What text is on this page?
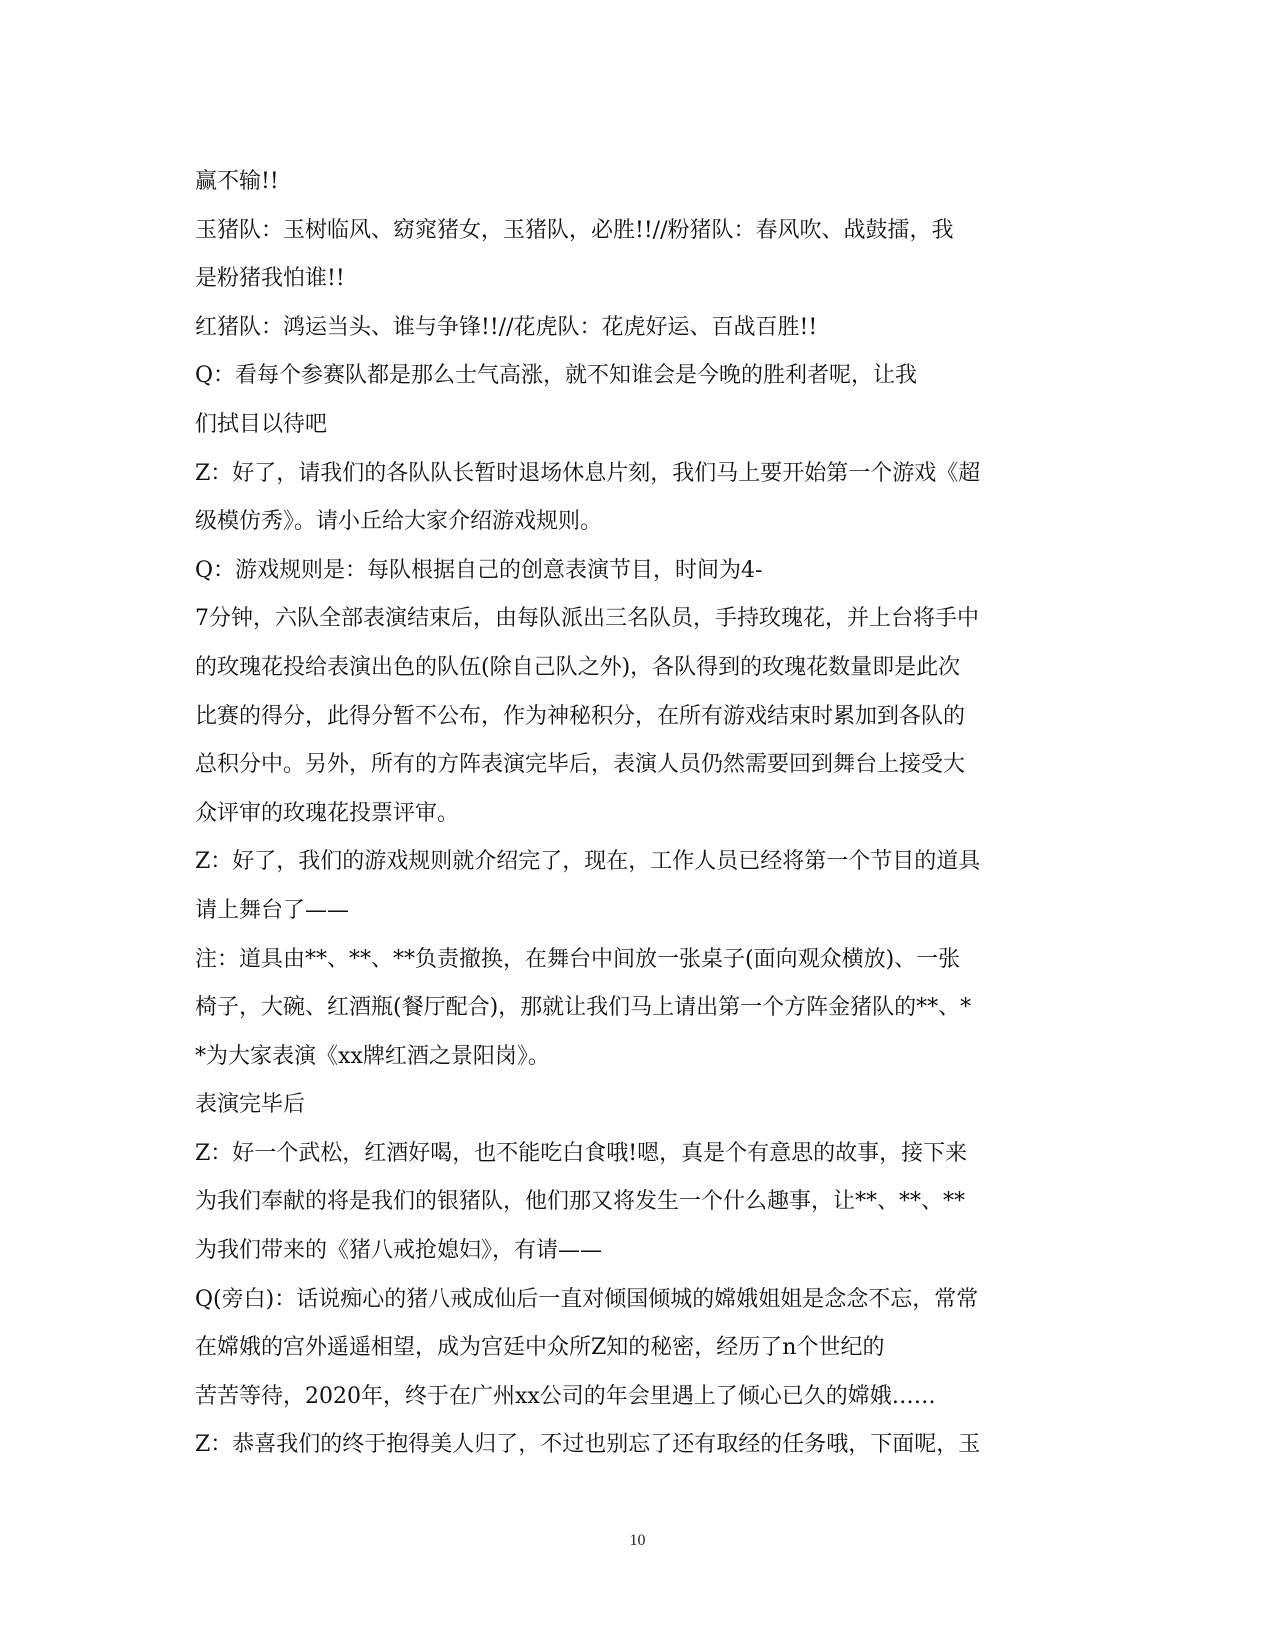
赢不输!!
玉猪队：玉树临风、窈窕猪女，玉猪队，必胜!!//粉猪队：春风吹、战鼓擂，我
是粉猪我怕谁!!
红猪队：鸿运当头、谁与争锋!!//花虎队：花虎好运、百战百胜!!
Q：看每个参赛队都是那么士气高涨，就不知谁会是今晚的胜利者呢，让我
们拭目以待吧
Z：好了，请我们的各队队长暂时退场休息片刻，我们马上要开始第一个游戏《超
级模仿秀》。请小丘给大家介绍游戏规则。
Q：游戏规则是：每队根据自己的创意表演节目，时间为4-
7分钟，六队全部表演结束后，由每队派出三名队员，手持玫瑰花，并上台将手中
的玫瑰花投给表演出色的队伍(除自己队之外)，各队得到的玫瑰花数量即是此次
比赛的得分，此得分暂不公布，作为神秘积分，在所有游戏结束时累加到各队的
总积分中。另外，所有的方阵表演完毕后，表演人员仍然需要回到舞台上接受大
众评审的玫瑰花投票评审。
Z：好了，我们的游戏规则就介绍完了，现在，工作人员已经将第一个节目的道具
请上舞台了——
注：道具由**、**、**负责撤换，在舞台中间放一张桌子(面向观众横放)、一张
椅子，大碗、红酒瓶(餐厅配合)，那就让我们马上请出第一个方阵金猪队的**、*
*为大家表演《xx牌红酒之景阳岗》。
表演完毕后
Z：好一个武松，红酒好喝，也不能吃白食哦!嗯，真是个有意思的故事，接下来
为我们奉献的将是我们的银猪队，他们那又将发生一个什么趣事，让**、**、**
为我们带来的《猪八戒抢媳妇》，有请——
Q(旁白)：话说痴心的猪八戒成仙后一直对倾国倾城的嫦娥姐姐是念念不忘，常常
在嫦娥的宫外遥遥相望，成为宫廷中众所Z知的秘密，经历了n个世纪的
苦苦等待，2020年，终于在广州xx公司的年会里遇上了倾心已久的嫦娥……
Z：恭喜我们的终于抱得美人归了，不过也别忘了还有取经的任务哦，下面呢，玉
10
